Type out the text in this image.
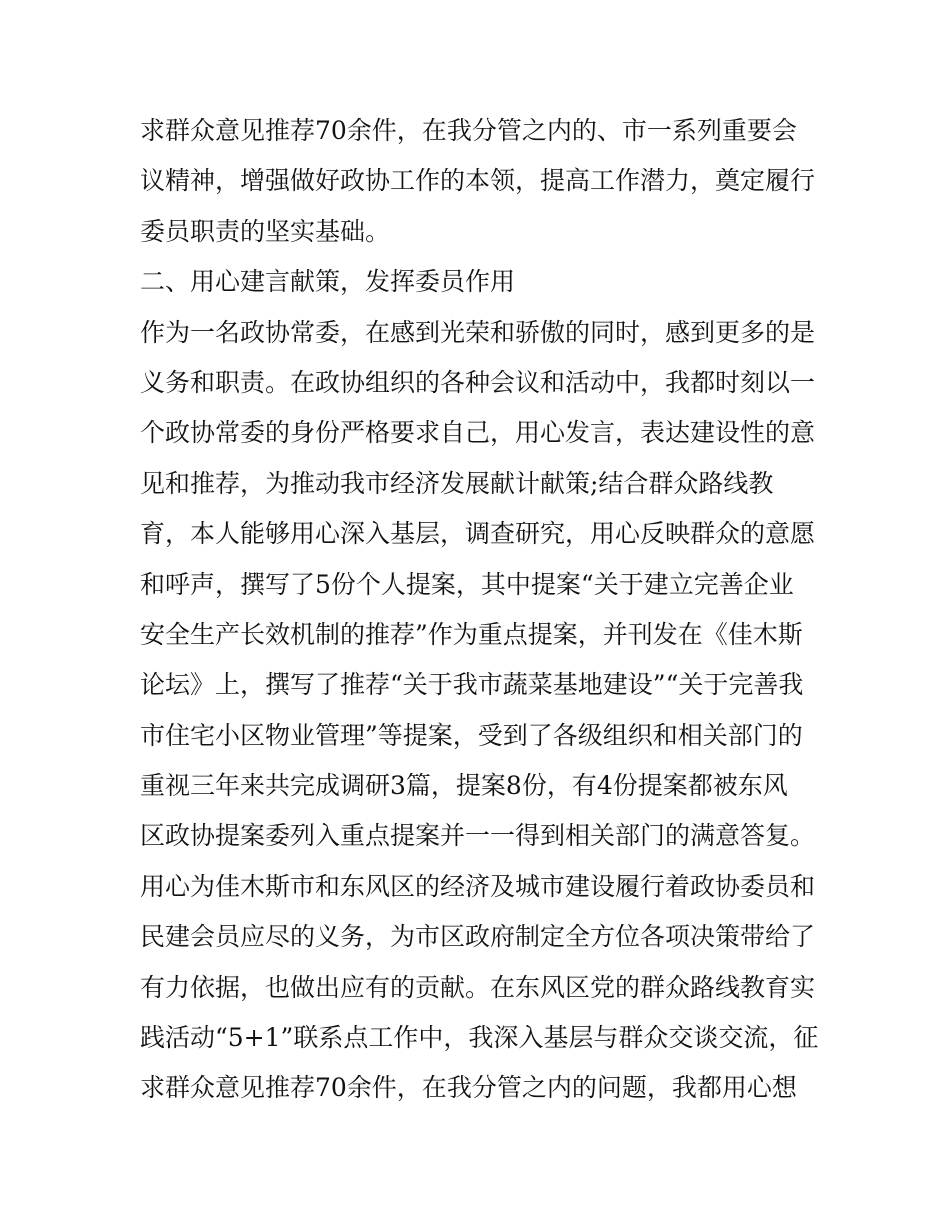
求群众意见推荐70余件，在我分管之内的、市一系列重要会
议精神，增强做好政协工作的本领，提高工作潜力，奠定履行
委员职责的坚实基础。
二、用心建言献策，发挥委员作用
作为一名政协常委，在感到光荣和骄傲的同时，感到更多的是
义务和职责。在政协组织的各种会议和活动中，我都时刻以一
个政协常委的身份严格要求自己，用心发言，表达建设性的意
见和推荐，为推动我市经济发展献计献策;结合群众路线教
育，本人能够用心深入基层，调查研究，用心反映群众的意愿
和呼声，撰写了5份个人提案，其中提案“关于建立完善企业
安全生产长效机制的推荐”作为重点提案，并刊发在《佳木斯
论坛》上，撰写了推荐“关于我市蔬菜基地建设”“关于完善我
市住宅小区物业管理”等提案，受到了各级组织和相关部门的
重视三年来共完成调研3篇，提案8份，有4份提案都被东风
区政协提案委列入重点提案并一一得到相关部门的满意答复。
用心为佳木斯市和东风区的经济及城市建设履行着政协委员和
民建会员应尽的义务，为市区政府制定全方位各项决策带给了
有力依据，也做出应有的贡献。在东风区党的群众路线教育实
践活动“5+1”联系点工作中，我深入基层与群众交谈交流，征
求群众意见推荐70余件，在我分管之内的问题，我都用心想
